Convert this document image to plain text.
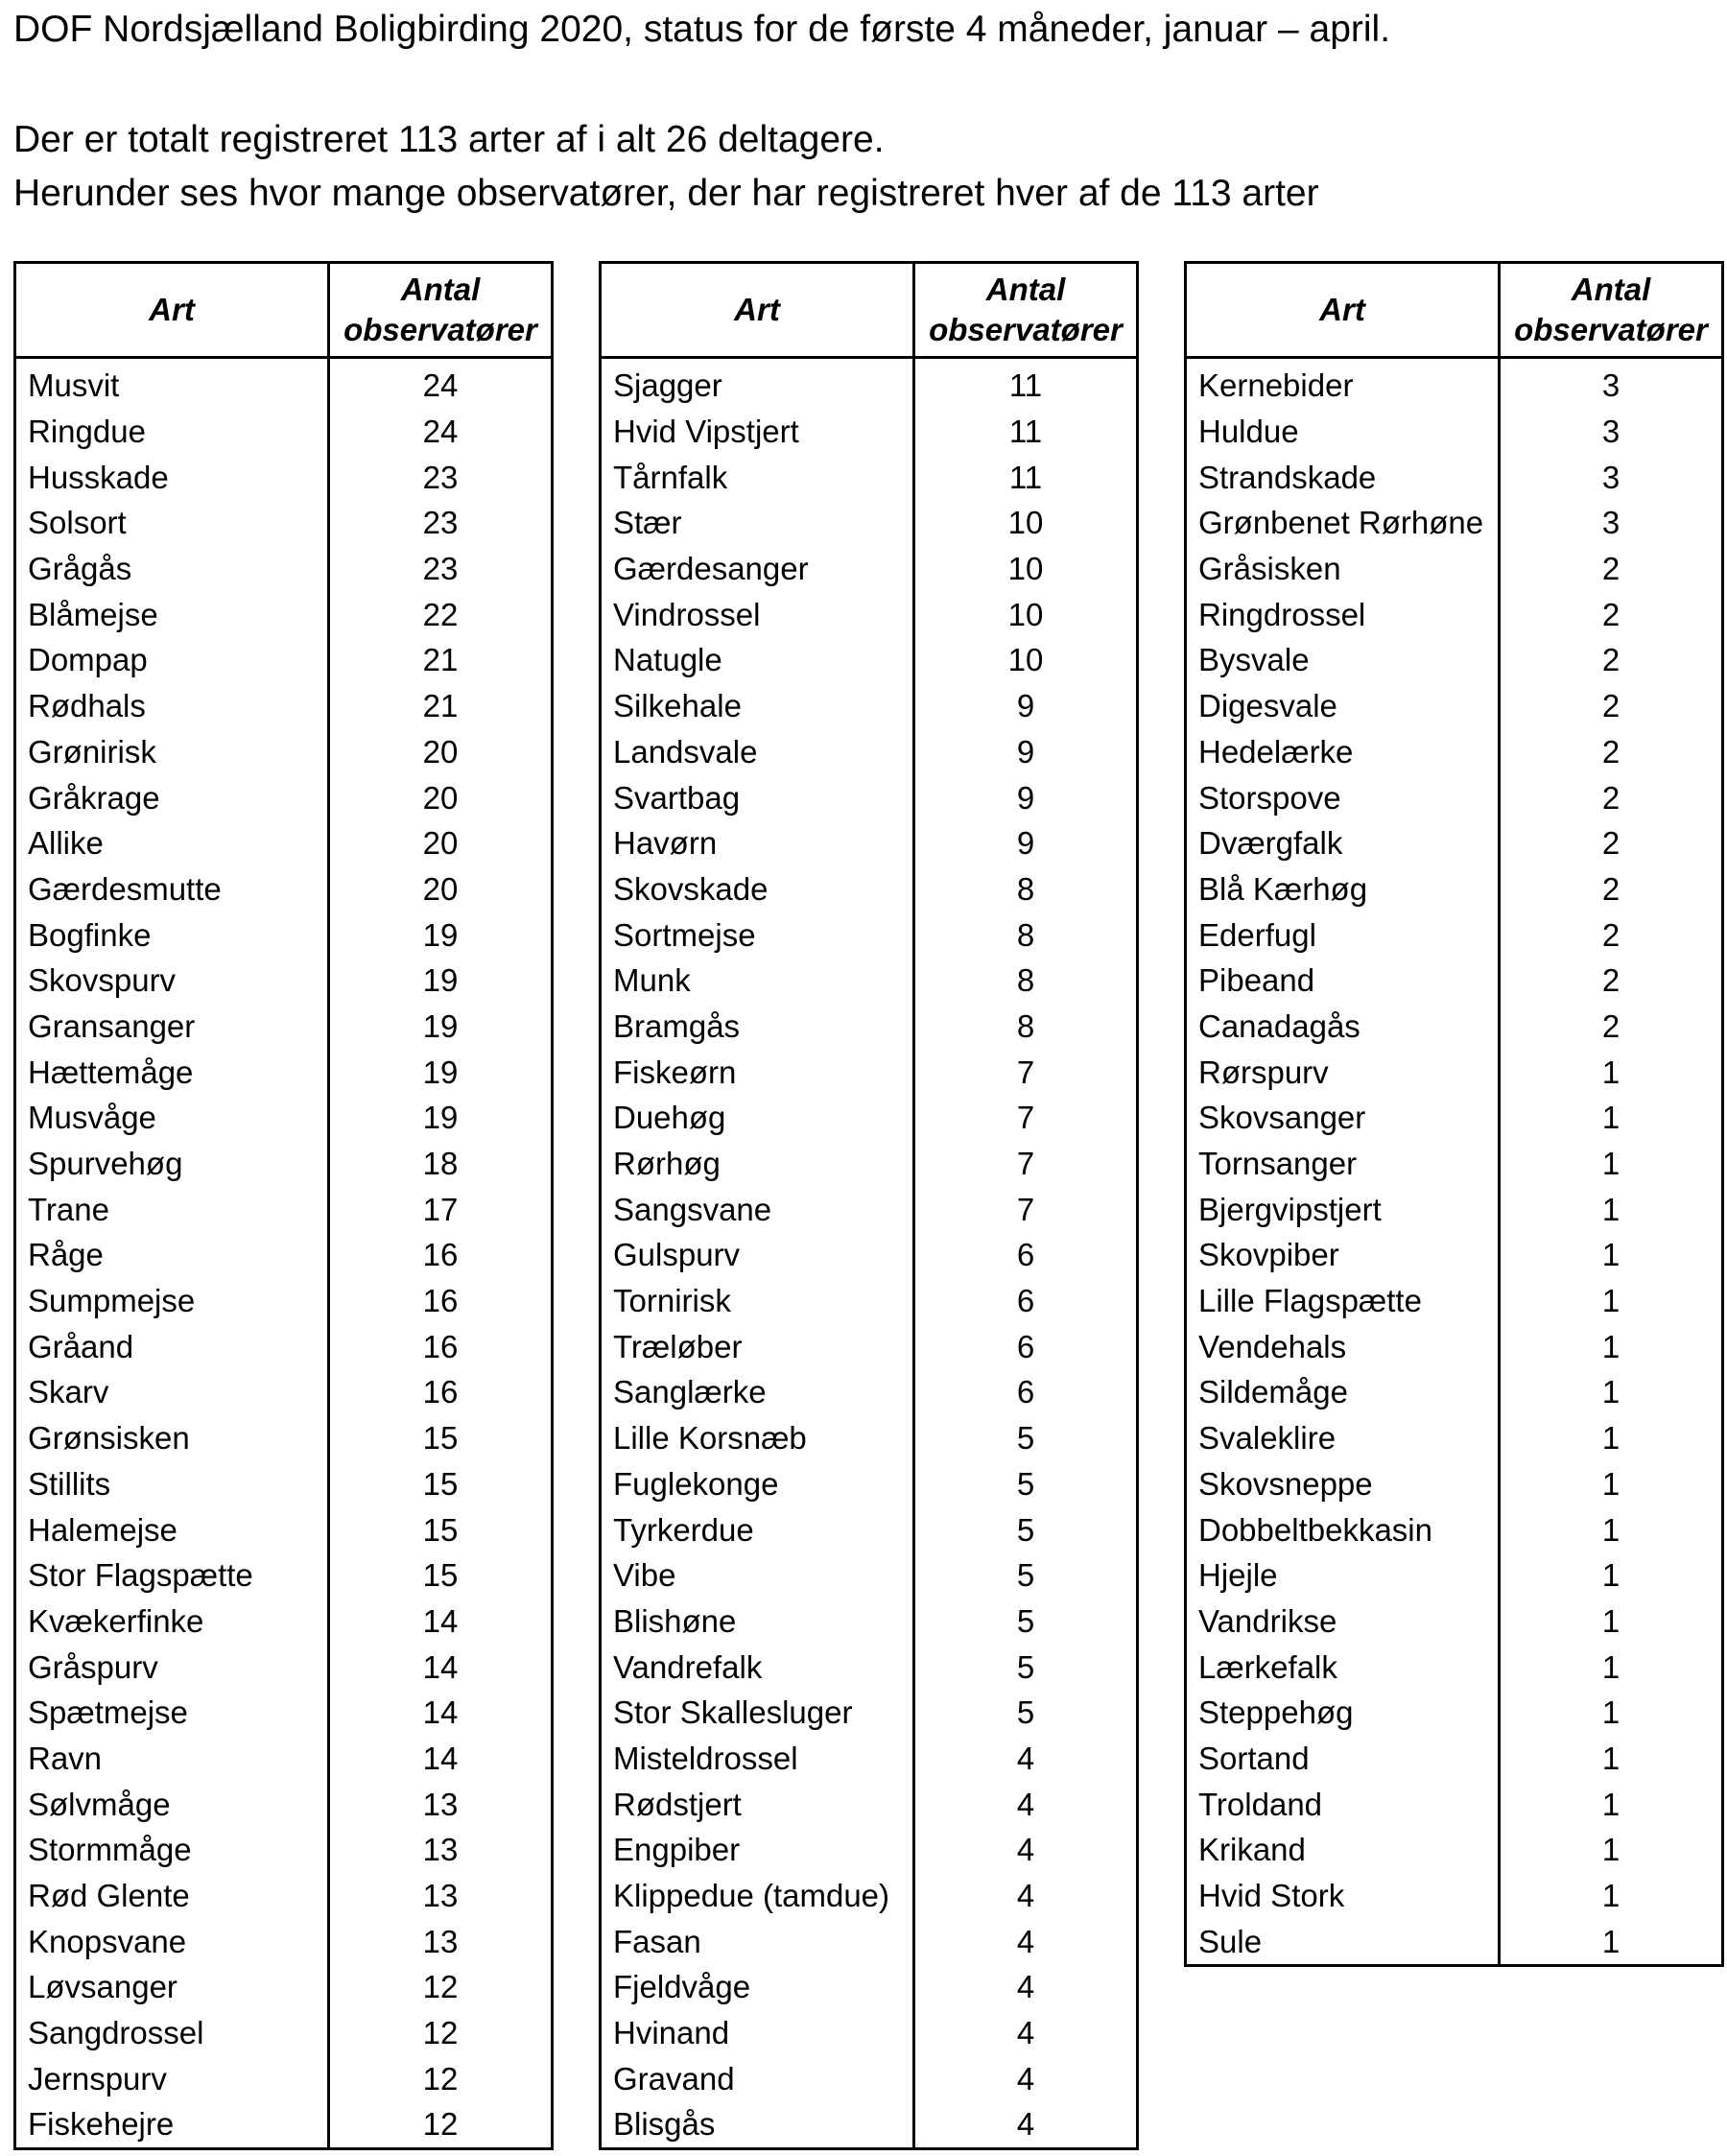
DOF Nordsjælland Boligbirding 2020, status for de første 4 måneder, januar – april.
Der er totalt registreret 113 arter af i alt 26 deltagere.
Herunder ses hvor mange observatører, der har registreret hver af de 113 arter
Art	Antal
observatører
Musvit	24
Ringdue	24
Husskade	23
Solsort	23
Grågås	23
Blåmejse	22
Dompap	21
Rødhals	21
Grønirisk	20
Gråkrage	20
Allike	20
Gærdesmutte	20
Bogfinke	19
Skovspurv	19
Gransanger	19
Hættemåge	19
Musvåge	19
Spurvehøg	18
Trane	17
Råge	16
Sumpmejse	16
Gråand	16
Skarv	16
Grønsisken	15
Stillits	15
Halemejse	15
Stor Flagspætte	15
Kvækerfinke	14
Gråspurv	14
Spætmejse	14
Ravn	14
Sølvmåge	13
Stormmåge	13
Rød Glente	13
Knopsvane	13
Løvsanger	12
Sangdrossel	12
Jernspurv	12
Fiskehejre	12
Art	Antal
observatører
Sjagger	11
Hvid Vipstjert	11
Tårnfalk	11
Stær	10
Gærdesanger	10
Vindrossel	10
Natugle	10
Silkehale	9
Landsvale	9
Svartbag	9
Havørn	9
Skovskade	8
Sortmejse	8
Munk	8
Bramgås	8
Fiskeørn	7
Duehøg	7
Rørhøg	7
Sangsvane	7
Gulspurv	6
Tornirisk	6
Træløber	6
Sanglærke	6
Lille Korsnæb	5
Fuglekonge	5
Tyrkerdue	5
Vibe	5
Blishøne	5
Vandrefalk	5
Stor Skallesluger	5
Misteldrossel	4
Rødstjert	4
Engpiber	4
Klippedue (tamdue)	4
Fasan	4
Fjeldvåge	4
Hvinand	4
Gravand	4
Blisgås	4
Art	Antal
observatører
Kernebider	3
Huldue	3
Strandskade	3
Grønbenet Rørhøne	3
Gråsisken	2
Ringdrossel	2
Bysvale	2
Digesvale	2
Hedelærke	2
Storspove	2
Dværgfalk	2
Blå Kærhøg	2
Ederfugl	2
Pibeand	2
Canadagås	2
Rørspurv	1
Skovsanger	1
Tornsanger	1
Bjergvipstjert	1
Skovpiber	1
Lille Flagspætte	1
Vendehals	1
Sildemåge	1
Svaleklire	1
Skovsneppe	1
Dobbeltbekkasin	1
Hjejle	1
Vandrikse	1
Lærkefalk	1
Steppehøg	1
Sortand	1
Troldand	1
Krikand	1
Hvid Stork	1
Sule	1
